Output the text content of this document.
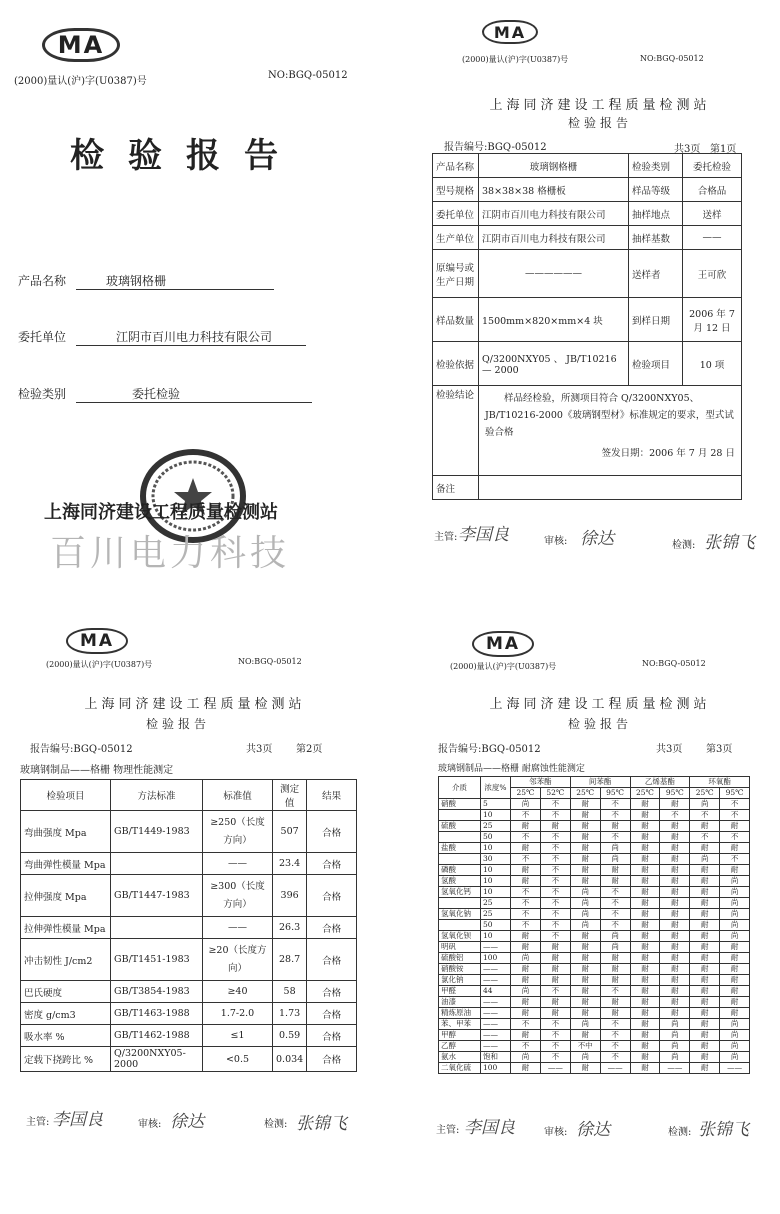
MA
(2000)量认(沪)字(U0387)号
NO:BGQ-05012
检验报告
产品名称	玻璃钢格栅
委托单位	江阴市百川电力科技有限公司
检验类别	委托检验
上海同济建设工程质量检测站
百川电力科技
MA
(2000)量认(沪)字(U0387)号	NO:BGQ-05012
上海同济建设工程质量检测站
检验报告
报告编号:BGQ-05012	共3页 第1页
产品名称	玻璃钢格栅	检验类别	委托检验
型号规格	38×38×38 格栅板	样品等级	合格品
委托单位	江阴市百川电力科技有限公司	抽样地点	送样
生产单位	江阴市百川电力科技有限公司	抽样基数	——
原编号或生产日期	——————	送样者	王可欣
样品数量	1500mm×820×mm×4 块	到样日期	2006 年 7 月 12 日
检验依据	Q/3200NXY05 、 JB/T10216 — 2000	检验项目	10 项
检验结论	样品经检验，所测项目符合 Q/3200NXY05、JB/T10216-2000《玻璃钢型材》标准规定的要求，型式试验合格
签发日期：2006 年 7 月 28 日		

备注			
主管: 李国良	审核: 徐达	检测: 张锦飞
MA
(2000)量认(沪)字(U0387)号	NO:BGQ-05012
上海同济建设工程质量检测站
检验报告
报告编号:BGQ-05012	共3页 第2页
玻璃钢制品——格栅 物理性能测定
检验项目	方法标准	标准值	测定值	结果
弯曲强度 Mpa	GB/T1449-1983	≥250（长度方向）	507	合格
弯曲弹性模量 Mpa		——	23.4	合格
拉伸强度 Mpa	GB/T1447-1983	≥300（长度方向）	396	合格
拉伸弹性模量 Mpa		——	26.3	合格
冲击韧性 J/cm2	GB/T1451-1983	≥20（长度方向）	28.7	合格
巴氏硬度	GB/T3854-1983	≥40	58	合格
密度 g/cm3	GB/T1463-1988	1.7-2.0	1.73	合格
吸水率 %	GB/T1462-1988	≤1	0.59	合格
定载下挠跨比 %	Q/3200NXY05-2000	<0.5	0.034	合格
主管: 李国良	审核: 徐达	检测: 张锦飞
MA
(2000)量认(沪)字(U0387)号	NO:BGQ-05012
上海同济建设工程质量检测站
检验报告
报告编号:BGQ-05012	共3页 第3页
玻璃钢制品——格栅 耐腐蚀性能测定
介质	浓度%	邻苯酯		间苯酯		乙烯基酯		环氧酯	
		25℃	52℃	25℃	95℃	25℃	95℃	25℃	95℃
硝酸	5	尚	不	耐	不	耐	耐	尚	不
	10	不	不	耐	不	耐	不	不	不
硫酸	25	耐	耐	耐	耐	耐	耐	耐	耐
	50	不	不	耐	不	耐	耐	不	不
盐酸	10	耐	不	耐	尚	耐	耐	耐	耐
	30	不	不	耐	尚	耐	耐	尚	不
磷酸	10	耐	不	耐	耐	耐	耐	耐	耐
氢酸	10	耐	不	耐	耐	耐	耐	耐	尚
氢氧化钙	10	不	不	尚	不	耐	耐	耐	尚
	25	不	不	尚	不	耐	耐	耐	尚
氢氧化钠	25	不	不	尚	不	耐	耐	耐	尚
	50	不	不	尚	不	耐	耐	耐	尚
氢氧化钡	10	耐	不	耐	尚	耐	耐	耐	尚
明矾	——	耐	耐	耐	尚	耐	耐	耐	耐
硫酸铝	100	尚	耐	耐	耐	耐	耐	耐	耐
硝酸铵	——	耐	耐	耐	耐	耐	耐	耐	耐
氯化钠	——	耐	耐	耐	耐	耐	耐	耐	耐
甲醛	44	尚	不	耐	不	耐	耐	耐	耐
油漆	——	耐	耐	耐	耐	耐	耐	耐	耐
精炼原油	——	耐	耐	耐	耐	耐	耐	耐	耐
苯、甲苯	——	不	不	尚	不	耐	尚	耐	尚
甲醇	——	耐	不	耐	不	耐	尚	耐	尚
乙醇	——	不	不	不中	不	耐	尚	耐	尚
氨水	饱和	尚	不	尚	不	耐	尚	耐	尚
二氧化硫	100	耐	——	耐	——	耐	——	耐	——
主管: 李国良	审核: 徐达	检测: 张锦飞
